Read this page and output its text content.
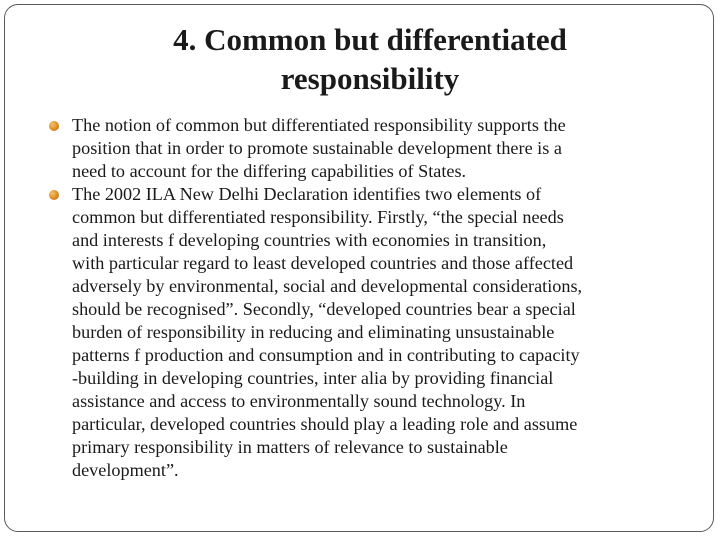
4. Common but differentiated
responsibility
The notion of common but differentiated responsibility supports the
position that in order to promote sustainable development there is a
need to account for the differing capabilities of States.
The 2002 ILA New Delhi Declaration identifies two elements of
common but differentiated responsibility. Firstly, “the special needs
and interests f developing countries with economies in transition,
with particular regard to least developed countries and those affected
adversely by environmental, social and developmental considerations,
should be recognised”. Secondly, “developed countries bear a special
burden of responsibility in reducing and eliminating unsustainable
patterns f production and consumption and in contributing to capacity
-building in developing countries, inter alia by providing financial
assistance and access to environmentally sound technology. In
particular, developed countries should play a leading role and assume
primary responsibility in matters of relevance to sustainable
development”.
